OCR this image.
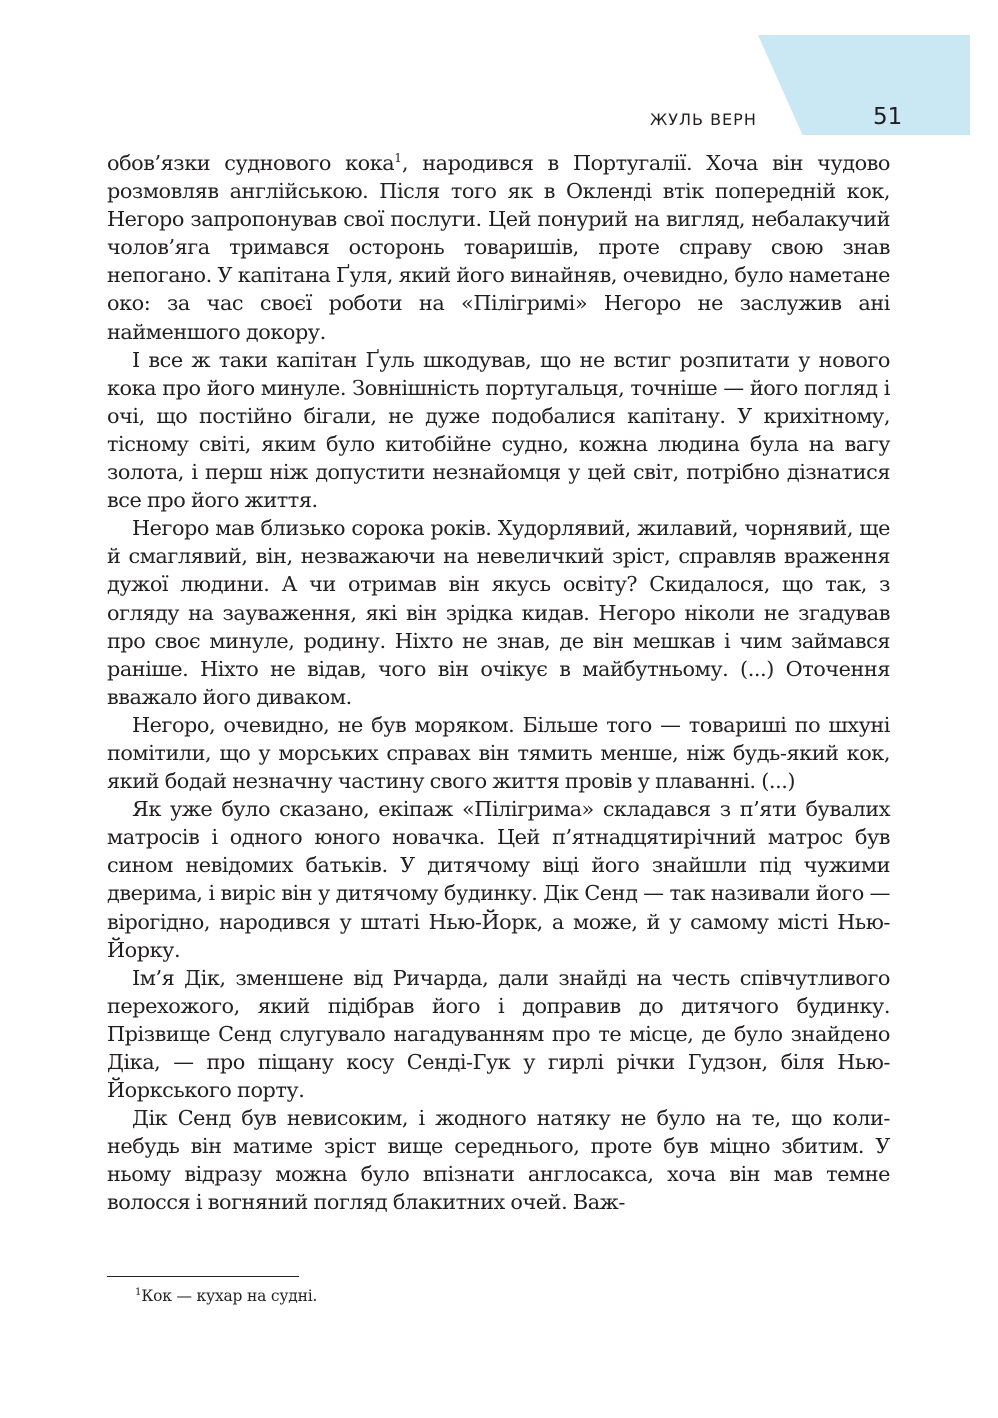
ЖУЛЬ ВЕРН	51

обов’язки суднового кока$^1$, народився в Португалії. Хоча він чудово розмовляв англійською. Після того як в Окленді втік попередній кок, Негоро запропонував свої послуги. Цей понурий на вигляд, небалакучий чолов’яга тримався осторонь товаришів, проте справу свою знав непогано. У капітана Ґуля, який його винайняв, очевидно, було наметане око: за час своєї роботи на «Пілігримі» Негоро не заслужив ані найменшого докору.

І все ж таки капітан Ґуль шкодував, що не встиг розпитати у нового кока про його минуле. Зовнішність португальця, точніше — його погляд і очі, що постійно бігали, не дуже подобалися капітану. У крихітному, тісному світі, яким було китобійне судно, кожна людина була на вагу золота, і перш ніж допустити незнайомця у цей світ, потрібно дізнатися все про його життя.

Негоро мав близько сорока років. Худорлявий, жилавий, чорнявий, ще й смаглявий, він, незважаючи на невеличкий зріст, справляв враження дужої людини. А чи отримав він якусь освіту? Скидалося, що так, з огляду на зауваження, які він зрідка кидав. Негоро ніколи не згадував про своє минуле, родину. Ніхто не знав, де він мешкав і чим займався раніше. Ніхто не відав, чого він очікує в майбутньому. (...) Оточення вважало його диваком.

Негоро, очевидно, не був моряком. Більше того — товариші по шхуні помітили, що у морських справах він тямить менше, ніж будь-який кок, який бодай незначну частину свого життя провів у плаванні. (...)

Як уже було сказано, екіпаж «Пілігрима» складався з п’яти бувалих матросів і одного юного новачка. Цей п’ятнадцятирічний матрос був сином невідомих батьків. У дитячому віці його знайшли під чужими дверима, і виріс він у дитячому будинку. Дік Сенд — так називали його — вірогідно, народився у штаті Нью-Йорк, а може, й у самому місті Нью-Йорку.

Ім’я Дік, зменшене від Ричарда, дали знайді на честь співчутливого перехожого, який підібрав його і доправив до дитячого будинку. Прізвище Сенд слугувало нагадуванням про те місце, де було знайдено Діка, — про піщану косу Сенді-Гук у гирлі річки Гудзон, біля Нью-Йоркського порту.

Дік Сенд був невисоким, і жодного натяку не було на те, що коли-небудь він матиме зріст вище середнього, проте був міцно збитим. У ньому відразу можна було впізнати англосакса, хоча він мав темне волосся і вогняний погляд блакитних очей. Важ-

$^1$Кок — кухар на судні.
